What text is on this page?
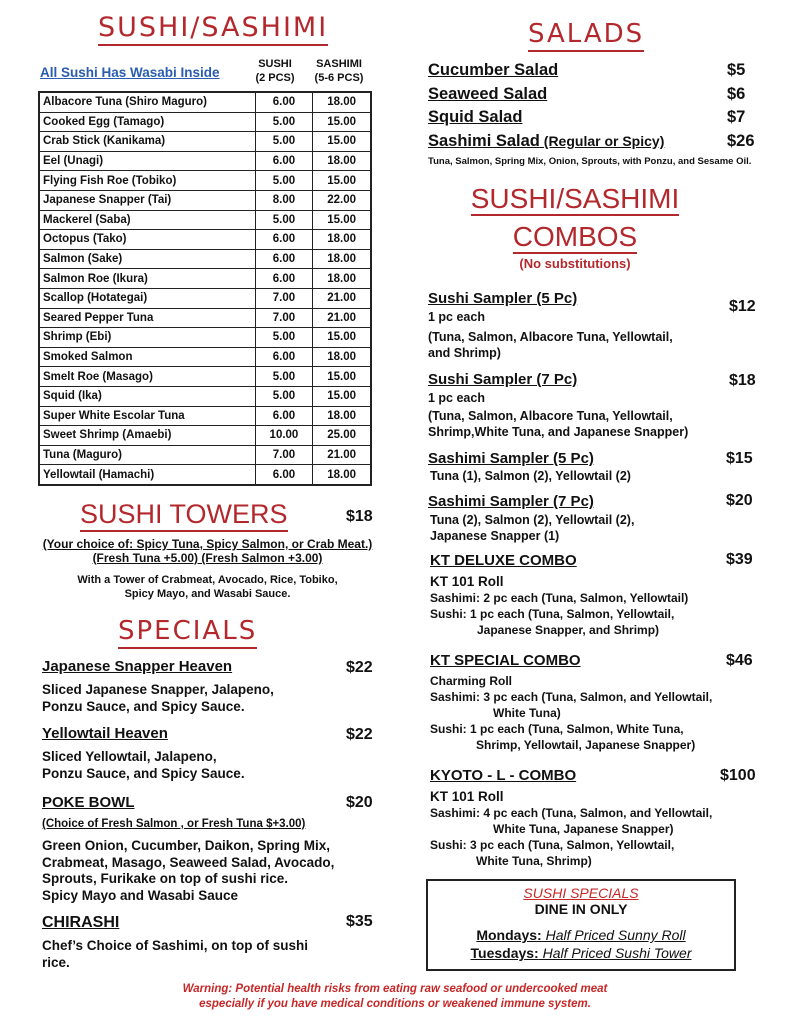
SUSHI/SASHIMI
All Sushi Has Wasabi Inside
SUSHI
(2 PCS)
SASHIMI
(5-6 PCS)
Albacore Tuna (Shiro Maguro)	6.00	18.00
Cooked Egg (Tamago)	5.00	15.00
Crab Stick (Kanikama)	5.00	15.00
Eel (Unagi)	6.00	18.00
Flying Fish Roe (Tobiko)	5.00	15.00
Japanese Snapper (Tai)	8.00	22.00
Mackerel (Saba)	5.00	15.00
Octopus (Tako)	6.00	18.00
Salmon (Sake)	6.00	18.00
Salmon Roe (Ikura)	6.00	18.00
Scallop (Hotategai)	7.00	21.00
Seared Pepper Tuna	7.00	21.00
Shrimp (Ebi)	5.00	15.00
Smoked Salmon	6.00	18.00
Smelt Roe (Masago)	5.00	15.00
Squid (Ika)	5.00	15.00
Super White Escolar Tuna	6.00	18.00
Sweet Shrimp (Amaebi)	10.00	25.00
Tuna (Maguro)	7.00	21.00
Yellowtail (Hamachi)	6.00	18.00
SUSHI TOWERS	$18
(Your choice of: Spicy Tuna, Spicy Salmon, or Crab Meat.)
(Fresh Tuna +5.00) (Fresh Salmon +3.00)
With a Tower of Crabmeat, Avocado, Rice, Tobiko,
Spicy Mayo, and Wasabi Sauce.
SPECIALS
Japanese Snapper Heaven	$22
Sliced Japanese Snapper, Jalapeno,
Ponzu Sauce, and Spicy Sauce.
Yellowtail Heaven	$22
Sliced Yellowtail, Jalapeno,
Ponzu Sauce, and Spicy Sauce.
POKE BOWL	$20
(Choice of Fresh Salmon , or Fresh Tuna $+3.00)
Green Onion, Cucumber, Daikon, Spring Mix,
Crabmeat, Masago, Seaweed Salad, Avocado,
Sprouts, Furikake on top of sushi rice.
Spicy Mayo and Wasabi Sauce
CHIRASHI	$35
Chef’s Choice of Sashimi, on top of sushi
rice.
SALADS
Cucumber Salad	$5
Seaweed Salad	$6
Squid Salad	$7
Sashimi Salad (Regular or Spicy)	$26
Tuna, Salmon, Spring Mix, Onion, Sprouts, with Ponzu, and Sesame Oil.
SUSHI/SASHIMI
COMBOS
(No substitutions)
Sushi Sampler (5 Pc)	$12
1 pc each
(Tuna, Salmon, Albacore Tuna, Yellowtail,
and Shrimp)
Sushi Sampler (7 Pc)	$18
1 pc each
(Tuna, Salmon, Albacore Tuna, Yellowtail,
Shrimp,White Tuna, and Japanese Snapper)
Sashimi Sampler (5 Pc)	$15
Tuna (1), Salmon (2), Yellowtail (2)
Sashimi Sampler (7 Pc)	$20
Tuna (2), Salmon (2), Yellowtail (2),
Japanese Snapper (1)
KT DELUXE COMBO	$39
KT 101 Roll
Sashimi: 2 pc each (Tuna, Salmon, Yellowtail)
Sushi: 1 pc each (Tuna, Salmon, Yellowtail,
Japanese Snapper, and Shrimp)
KT SPECIAL COMBO	$46
Charming Roll
Sashimi: 3 pc each (Tuna, Salmon, and Yellowtail,
White Tuna)
Sushi: 1 pc each (Tuna, Salmon, White Tuna,
Shrimp, Yellowtail, Japanese Snapper)
KYOTO - L - COMBO	$100
KT 101 Roll
Sashimi: 4 pc each (Tuna, Salmon, and Yellowtail,
White Tuna, Japanese Snapper)
Sushi: 3 pc each (Tuna, Salmon, Yellowtail,
White Tuna, Shrimp)
SUSHI SPECIALS
DINE IN ONLY
Mondays: Half Priced Sunny Roll
Tuesdays: Half Priced Sushi Tower
Warning: Potential health risks from eating raw seafood or undercooked meat
especially if you have medical conditions or weakened immune system.
